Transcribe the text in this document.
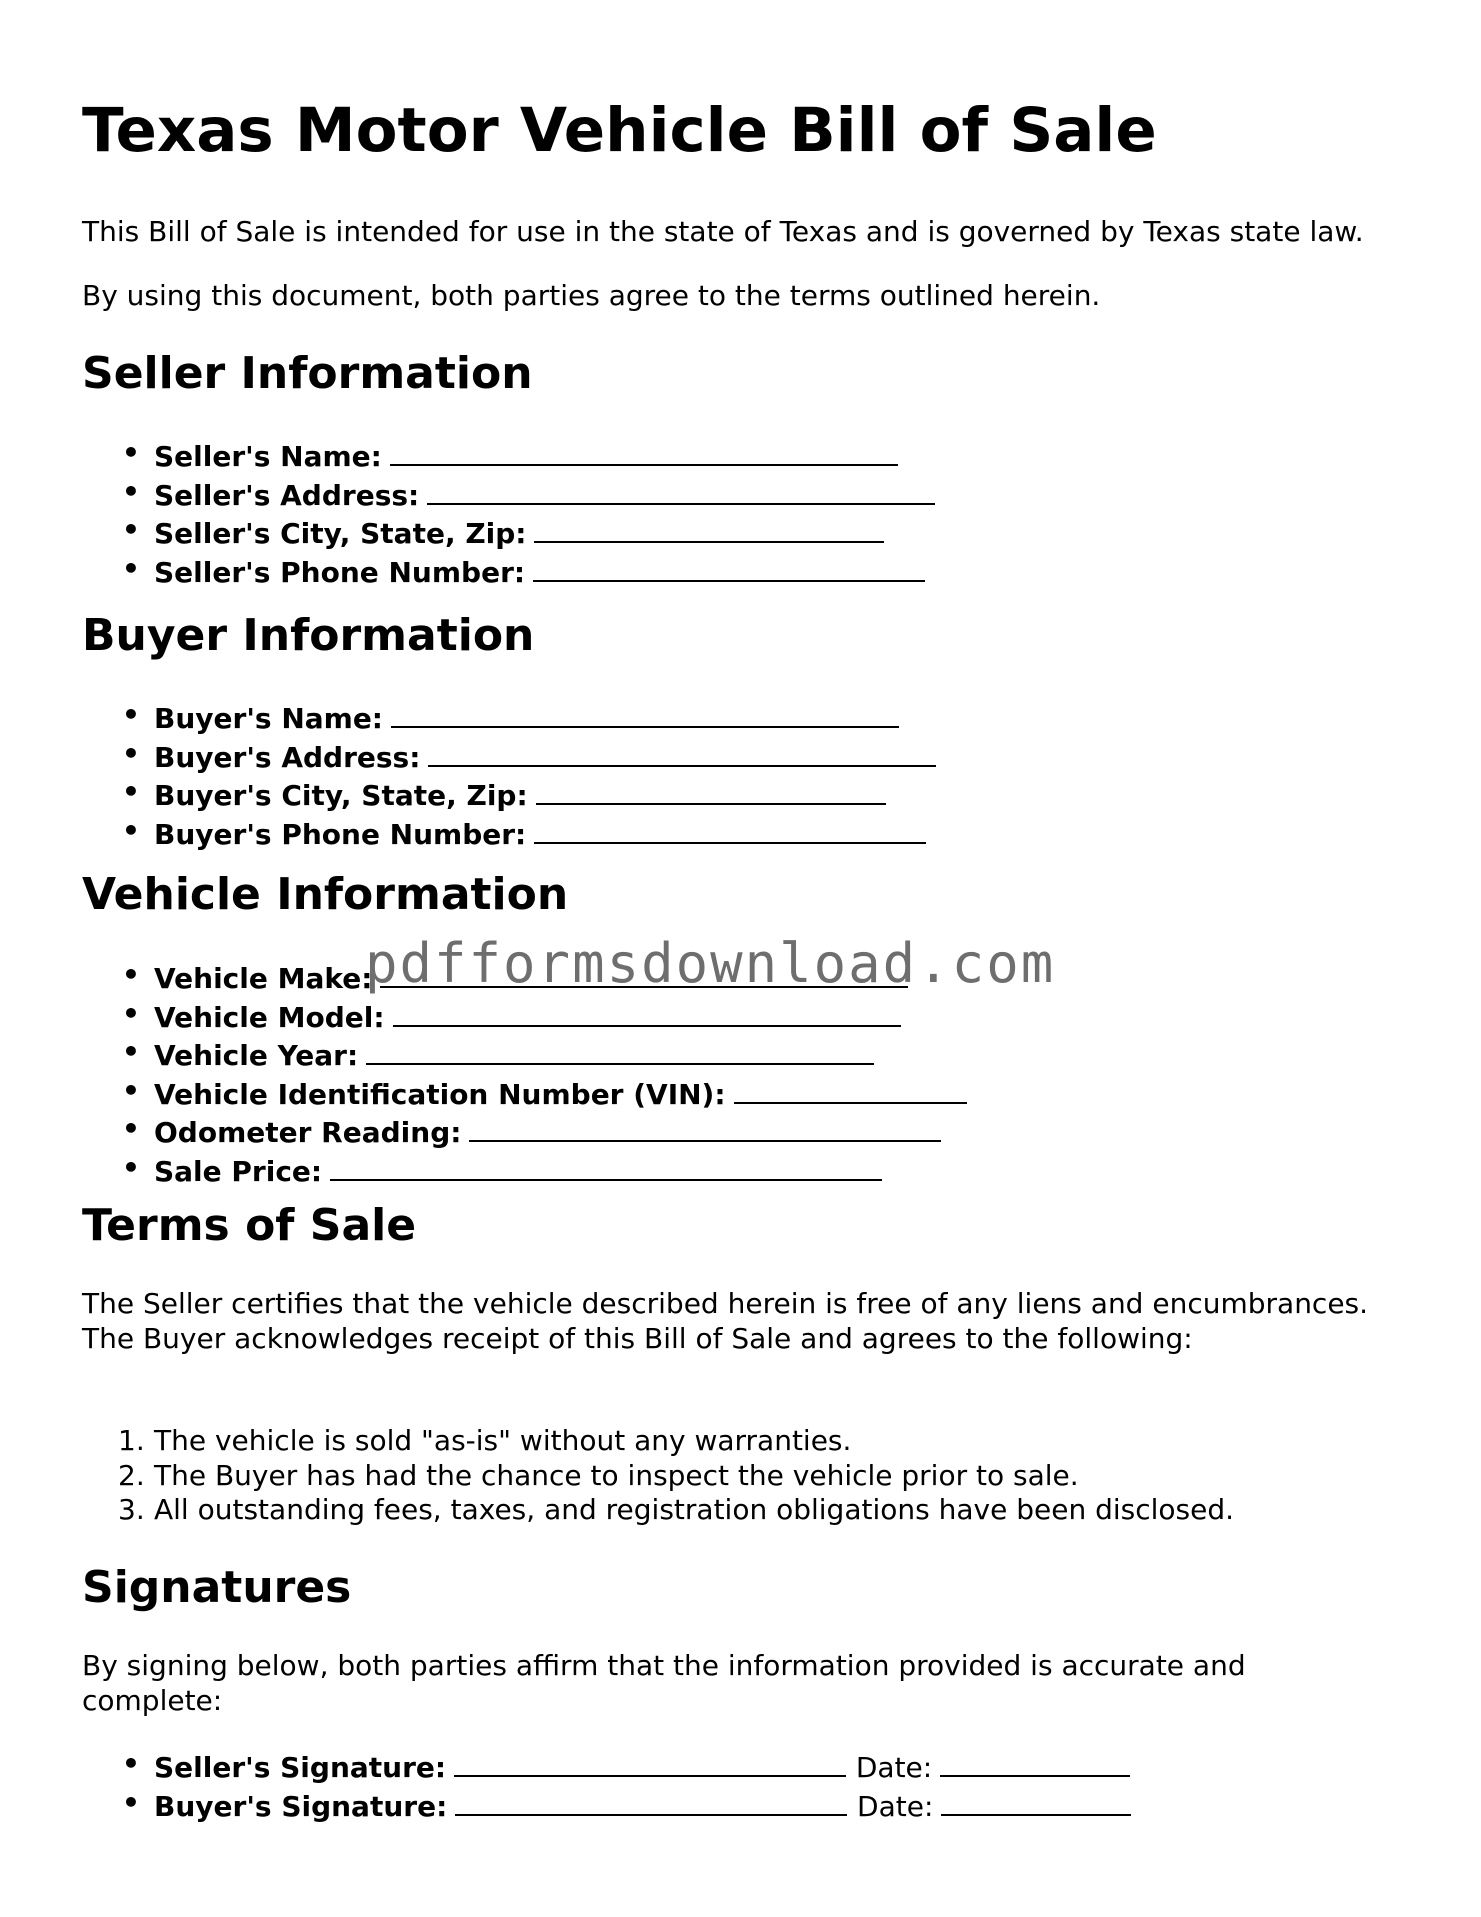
Texas Motor Vehicle Bill of Sale

This Bill of Sale is intended for use in the state of Texas and is governed by Texas state law.

By using this document, both parties agree to the terms outlined herein.

Seller Information
• Seller's Name:
• Seller's Address:
• Seller's City, State, Zip:
• Seller's Phone Number:
Buyer Information
• Buyer's Name:
• Buyer's Address:
• Buyer's City, State, Zip:
• Buyer's Phone Number:
Vehicle Information
• Vehicle Make:
• Vehicle Model:
• Vehicle Year:
• Vehicle Identification Number (VIN):
• Odometer Reading:
• Sale Price:
Terms of Sale

The Seller certifies that the vehicle described herein is free of any liens and encumbrances. The Buyer acknowledges receipt of this Bill of Sale and agrees to the following:

1. The vehicle is sold "as-is" without any warranties.
2. The Buyer has had the chance to inspect the vehicle prior to sale.
3. All outstanding fees, taxes, and registration obligations have been disclosed.
Signatures

By signing below, both parties affirm that the information provided is accurate and complete:

• Seller's Signature:	Date:
• Buyer's Signature:	Date:
pdfformsdownload.com
